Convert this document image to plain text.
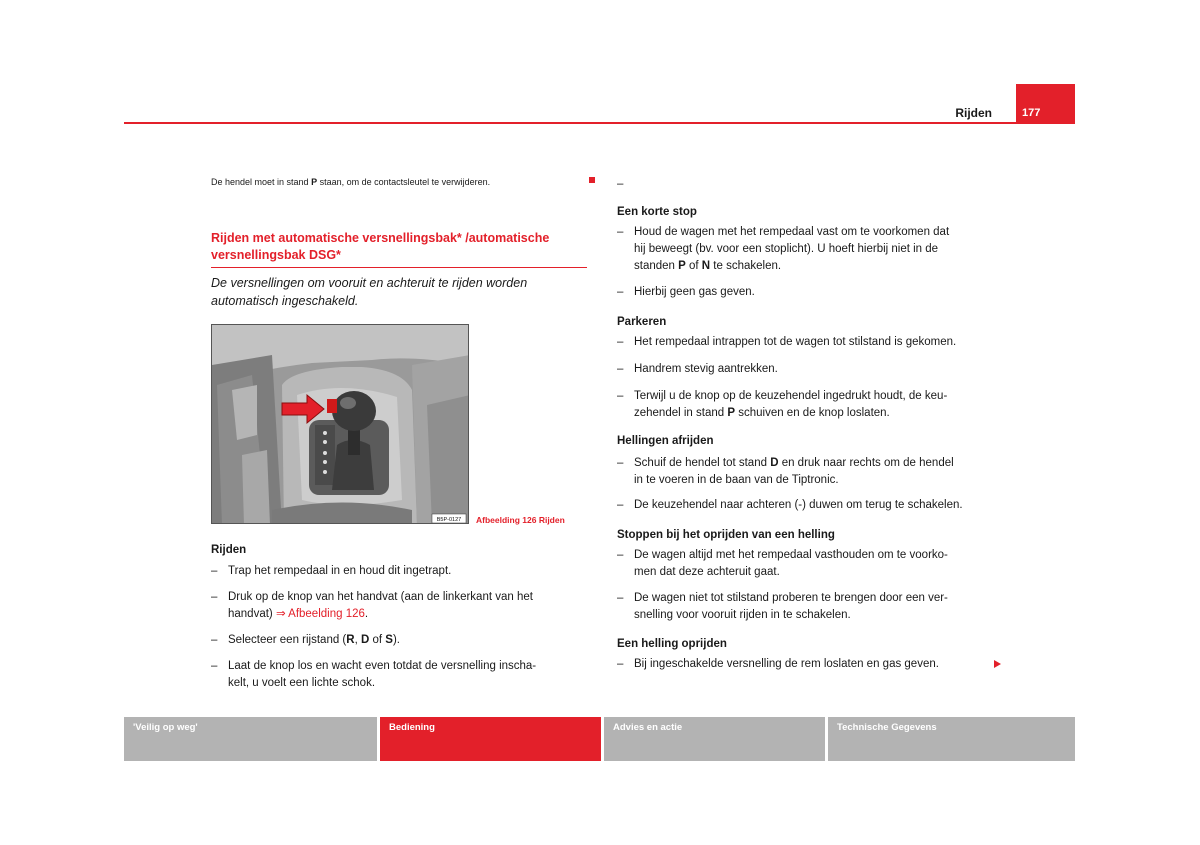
Rijden	177
De hendel moet in stand P staan, om de contactsleutel te verwijderen.
Rijden met automatische versnellingsbak* /automatische versnellingsbak DSG*
De versnellingen om vooruit en achteruit te rijden worden automatisch ingeschakeld.
B5P-0127 Afbeelding 126 Rijden
Rijden
– Trap het rempedaal in en houd dit ingetrapt.
– Druk op de knop van het handvat (aan de linkerkant van het
handvat) ⇒ Afbeelding 126.
– Selecteer een rijstand (R, D of S).
– Laat de knop los en wacht even totdat de versnelling inscha-
kelt, u voelt een lichte schok.
–
Een korte stop
– Houd de wagen met het rempedaal vast om te voorkomen dat
hij beweegt (bv. voor een stoplicht). U hoeft hierbij niet in de
standen P of N te schakelen.
– Hierbij geen gas geven.
Parkeren
– Het rempedaal intrappen tot de wagen tot stilstand is gekomen.
– Handrem stevig aantrekken.
– Terwijl u de knop op de keuzehendel ingedrukt houdt, de keu-
zehendel in stand P schuiven en de knop loslaten.
Hellingen afrijden
– Schuif de hendel tot stand D en druk naar rechts om de hendel
in te voeren in de baan van de Tiptronic.
– De keuzehendel naar achteren (-) duwen om terug te schakelen.
Stoppen bij het oprijden van een helling
– De wagen altijd met het rempedaal vasthouden om te voorko-
men dat deze achteruit gaat.
– De wagen niet tot stilstand proberen te brengen door een ver-
snelling voor vooruit rijden in te schakelen.
Een helling oprijden
– Bij ingeschakelde versnelling de rem loslaten en gas geven.
'Veilig op weg'	Bediening	Advies en actie	Technische Gegevens
